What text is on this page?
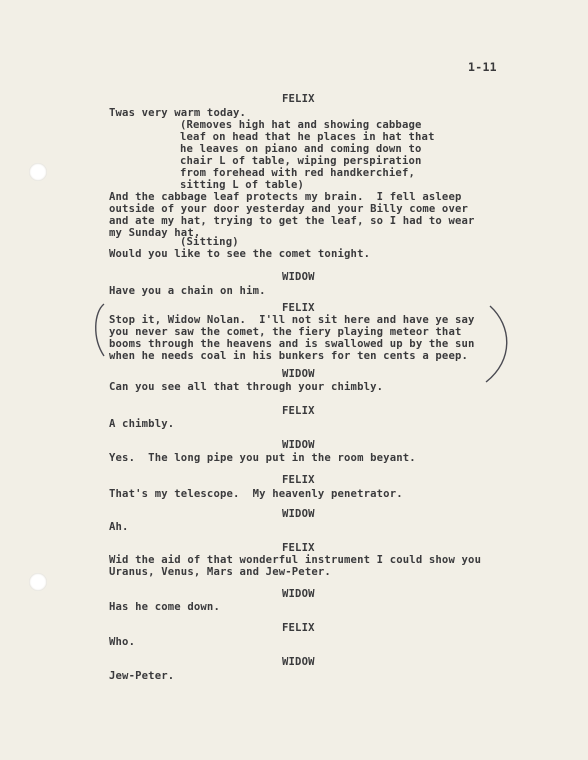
1-11
FELIX
Twas very warm today.
(Removes high hat and showing cabbage
leaf on head that he places in hat that
he leaves on piano and coming down to
chair L of table, wiping perspiration
from forehead with red handkerchief,
sitting L of table)
And the cabbage leaf protects my brain.  I fell asleep
outside of your door yesterday and your Billy come over
and ate my hat, trying to get the leaf, so I had to wear
my Sunday hat.
(Sitting)
Would you like to see the comet tonight.
WIDOW
Have you a chain on him.
FELIX
Stop it, Widow Nolan.  I'll not sit here and have ye say
you never saw the comet, the fiery playing meteor that
booms through the heavens and is swallowed up by the sun
when he needs coal in his bunkers for ten cents a peep.
WIDOW
Can you see all that through your chimbly.
FELIX
A chimbly.
WIDOW
Yes.  The long pipe you put in the room beyant.
FELIX
That's my telescope.  My heavenly penetrator.
WIDOW
Ah.
FELIX
Wid the aid of that wonderful instrument I could show you
Uranus, Venus, Mars and Jew-Peter.
WIDOW
Has he come down.
FELIX
Who.
WIDOW
Jew-Peter.
